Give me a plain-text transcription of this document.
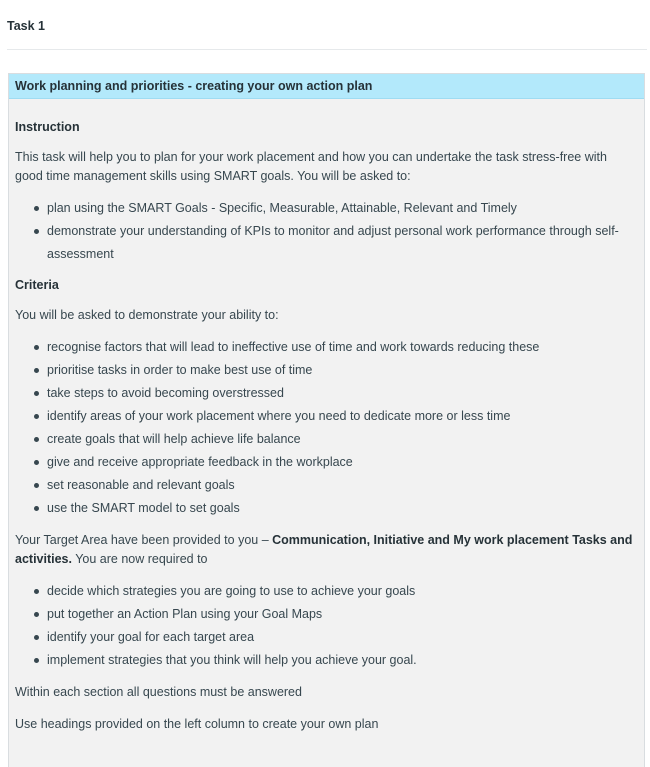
Task 1
Work planning and priorities - creating your own action plan
Instruction

This task will help you to plan for your work placement and how you can undertake the task stress-free with good time management skills using SMART goals. You will be asked to:

plan using the SMART Goals - Specific, Measurable, Attainable, Relevant and Timely
demonstrate your understanding of KPIs to monitor and adjust personal work performance through self-assessment
Criteria

You will be asked to demonstrate your ability to:

recognise factors that will lead to ineffective use of time and work towards reducing these
prioritise tasks in order to make best use of time
take steps to avoid becoming overstressed
identify areas of your work placement where you need to dedicate more or less time
create goals that will help achieve life balance
give and receive appropriate feedback in the workplace
set reasonable and relevant goals
use the SMART model to set goals

Your Target Area have been provided to you – Communication, Initiative and My work placement Tasks and activities. You are now required to

decide which strategies you are going to use to achieve your goals
put together an Action Plan using your Goal Maps
identify your goal for each target area
implement strategies that you think will help you achieve your goal.

Within each section all questions must be answered

Use headings provided on the left column to create your own plan
